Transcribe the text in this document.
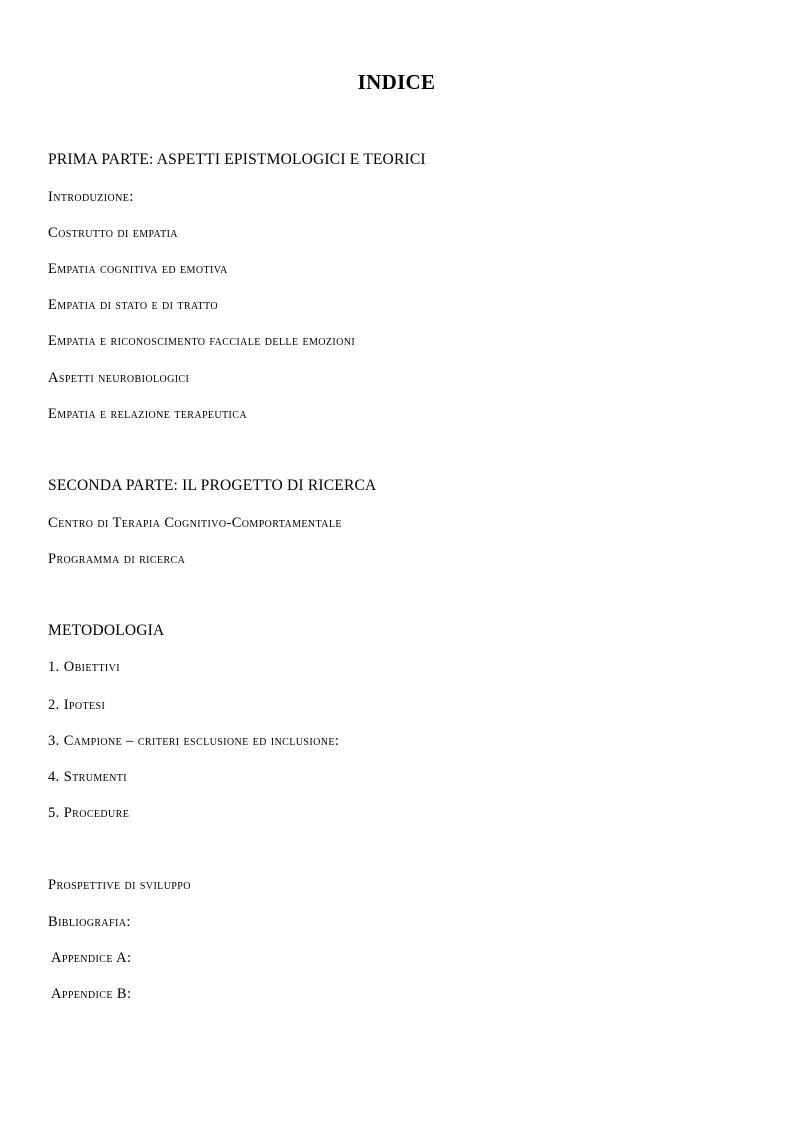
INDICE

PRIMA PARTE: ASPETTI EPISTMOLOGICI E TEORICI

Introduzione:

Costrutto di empatia

Empatia cognitiva ed emotiva

Empatia di stato e di tratto

Empatia e riconoscimento facciale delle emozioni

Aspetti neurobiologici

Empatia e relazione terapeutica

SECONDA PARTE: IL PROGETTO DI RICERCA

Centro di Terapia Cognitivo-Comportamentale

Programma di ricerca

METODOLOGIA

1. Obiettivi

2. Ipotesi

3. Campione – criteri esclusione ed inclusione:

4. Strumenti

5. Procedure

Prospettive di sviluppo

Bibliografia:

Appendice A:

Appendice B:
